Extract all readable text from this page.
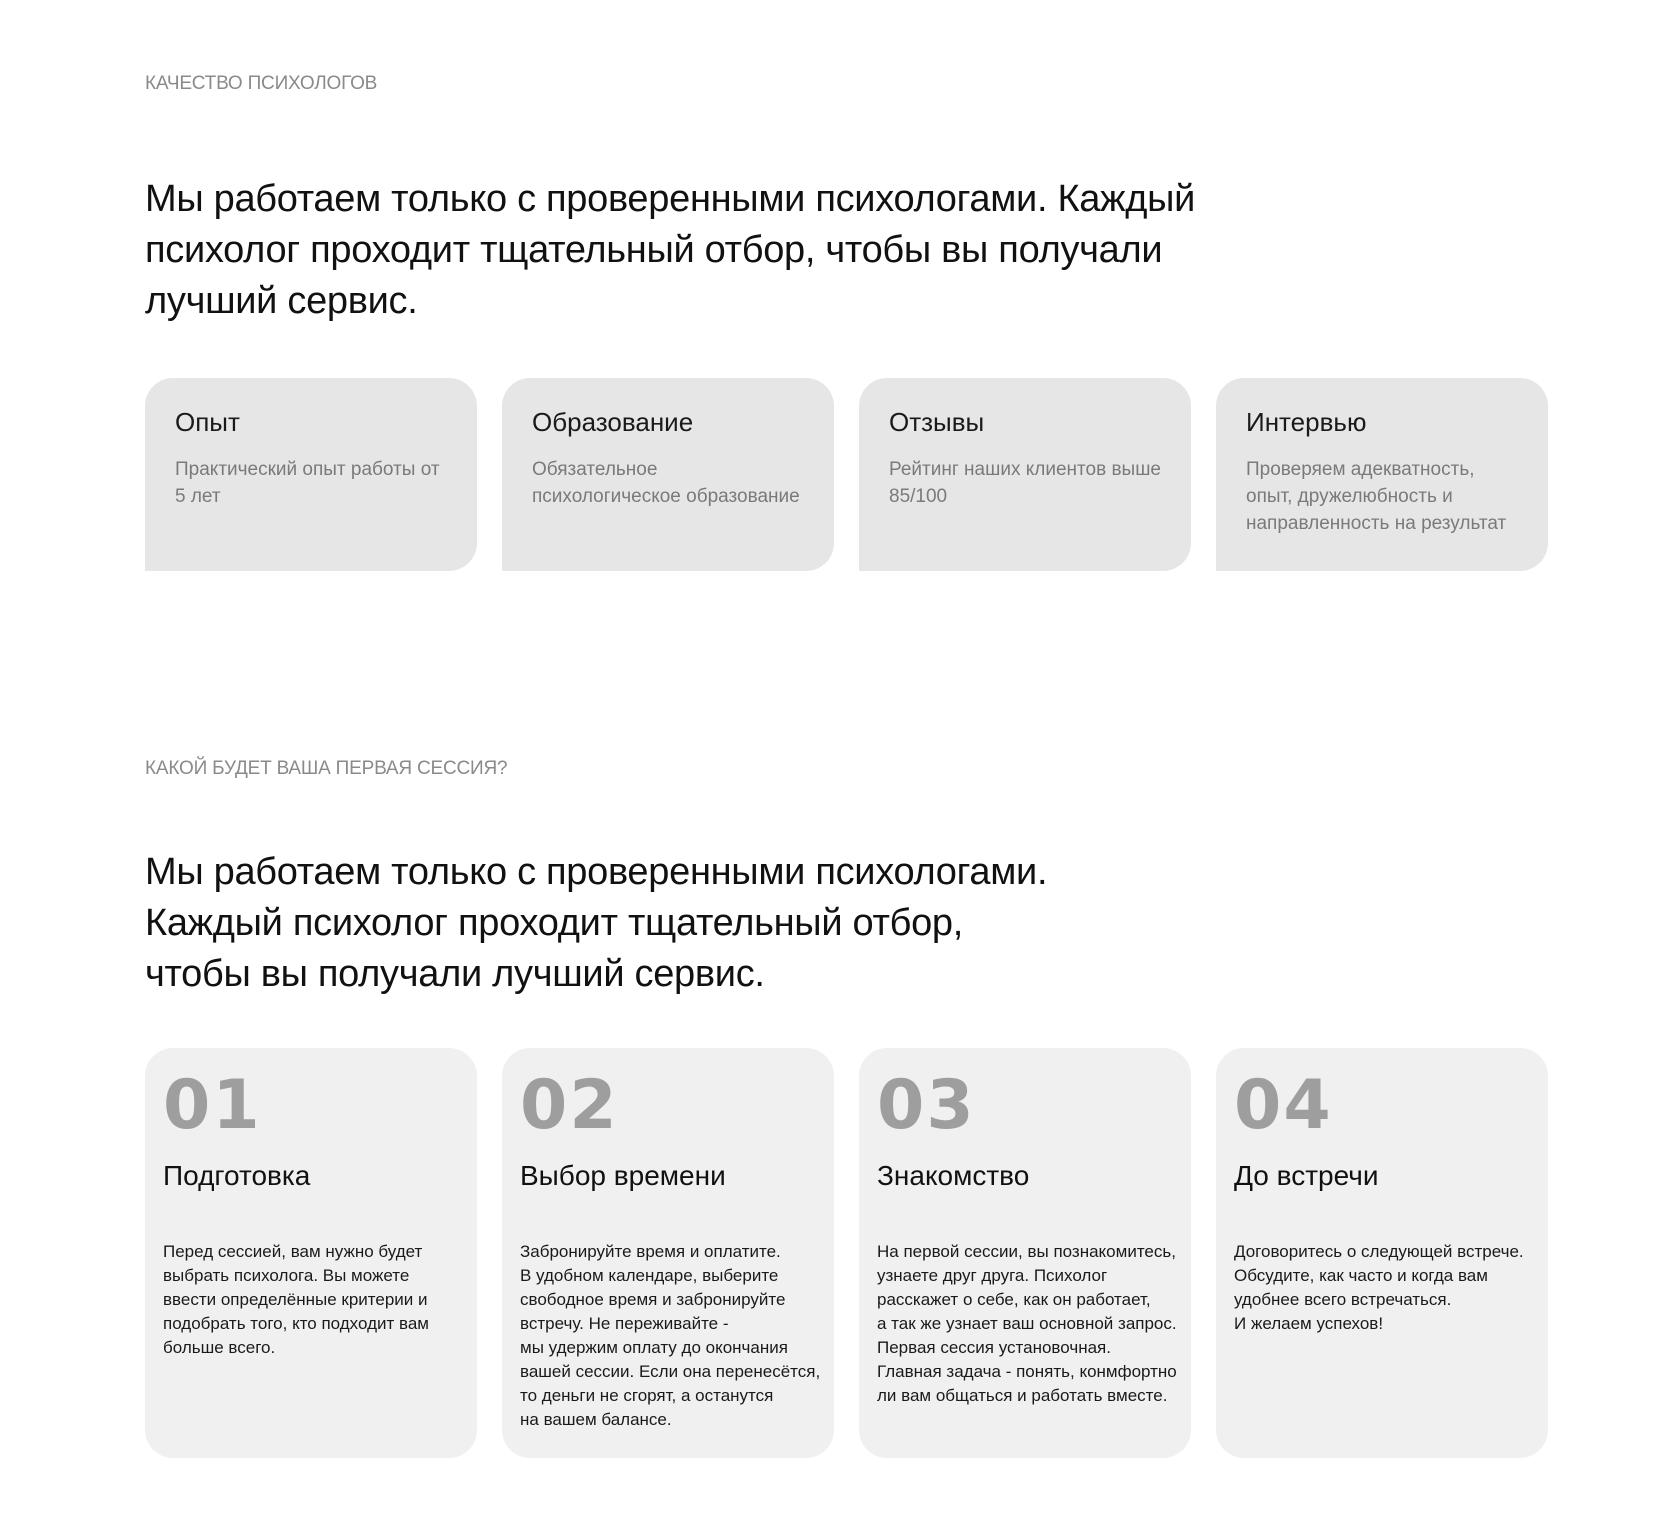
КАЧЕСТВО ПСИХОЛОГОВ
Мы работаем только с проверенными психологами. Каждый психолог проходит тщательный отбор, чтобы вы получали лучший сервис.
Опыт
Практический опыт работы от 5 лет
Образование
Обязательное психологическое образование
Отзывы
Рейтинг наших клиентов выше 85/100
Интервью
Проверяем адекватность, опыт, дружелюбность и направленность на результат
КАКОЙ БУДЕТ ВАША ПЕРВАЯ СЕССИЯ?
Мы работаем только с проверенными психологами.
Каждый психолог проходит тщательный отбор,
чтобы вы получали лучший сервис.
01
Подготовка
Перед сессией, вам нужно будет
выбрать психолога. Вы можете
ввести определённые критерии и
подобрать того, кто подходит вам
больше всего.
02
Выбор времени
Забронируйте время и оплатите.
В удобном календаре, выберите
свободное время и забронируйте
встречу. Не переживайте -
мы удержим оплату до окончания
вашей сессии. Если она перенесётся,
то деньги не сгорят, а останутся
на вашем балансе.
03
Знакомство
На первой сессии, вы познакомитесь,
узнаете друг друга. Психолог
расскажет о себе, как он работает,
а так же узнает ваш основной запрос.
Первая сессия установочная.
Главная задача - понять, конмфортно
ли вам общаться и работать вместе.
04
До встречи
Договоритесь о следующей встрече.
Обсудите, как часто и когда вам
удобнее всего встречаться.
И желаем успехов!
